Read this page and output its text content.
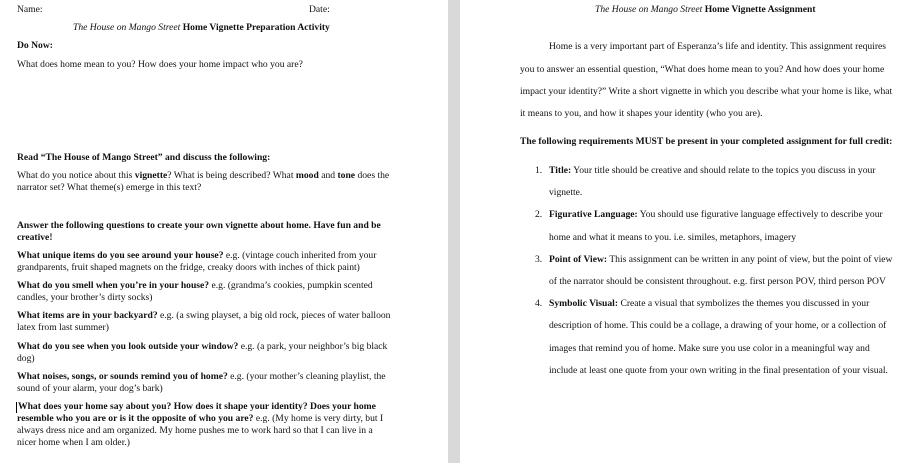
Name:	Date:
The House on Mango Street Home Vignette Preparation Activity
Do Now:
What does home mean to you? How does your home impact who you are?
Read “The House of Mango Street” and discuss the following:
What do you notice about this vignette? What is being described? What mood and tone does the
narrator set? What theme(s) emerge in this text?
Answer the following questions to create your own vignette about home. Have fun and be
creative!
What unique items do you see around your house? e.g. (vintage couch inherited from your
grandparents, fruit shaped magnets on the fridge, creaky doors with inches of thick paint)
What do you smell when you’re in your house? e.g. (grandma’s cookies, pumpkin scented
candles, your brother’s dirty socks)
What items are in your backyard? e.g. (a swing playset, a big old rock, pieces of water balloon
latex from last summer)
What do you see when you look outside your window? e.g. (a park, your neighbor’s big black
dog)
What noises, songs, or sounds remind you of home? e.g. (your mother’s cleaning playlist, the
sound of your alarm, your dog’s bark)
What does your home say about you? How does it shape your identity? Does your home
resemble who you are or is it the opposite of who you are? e.g. (My home is very dirty, but I
always dress nice and am organized. My home pushes me to work hard so that I can live in a
nicer home when I am older.)
The House on Mango Street Home Vignette Assignment
Home is a very important part of Esperanza’s life and identity. This assignment requires
you to answer an essential question, “What does home mean to you? And how does your home
impact your identity?” Write a short vignette in which you describe what your home is like, what
it means to you, and how it shapes your identity (who you are).
The following requirements MUST be present in your completed assignment for full credit:
1. Title: Your title should be creative and should relate to the topics you discuss in your
vignette.
2. Figurative Language: You should use figurative language effectively to describe your
home and what it means to you. i.e. similes, metaphors, imagery
3. Point of View: This assignment can be written in any point of view, but the point of view
of the narrator should be consistent throughout. e.g. first person POV, third person POV
4. Symbolic Visual: Create a visual that symbolizes the themes you discussed in your
description of home. This could be a collage, a drawing of your home, or a collection of
images that remind you of home. Make sure you use color in a meaningful way and
include at least one quote from your own writing in the final presentation of your visual.
